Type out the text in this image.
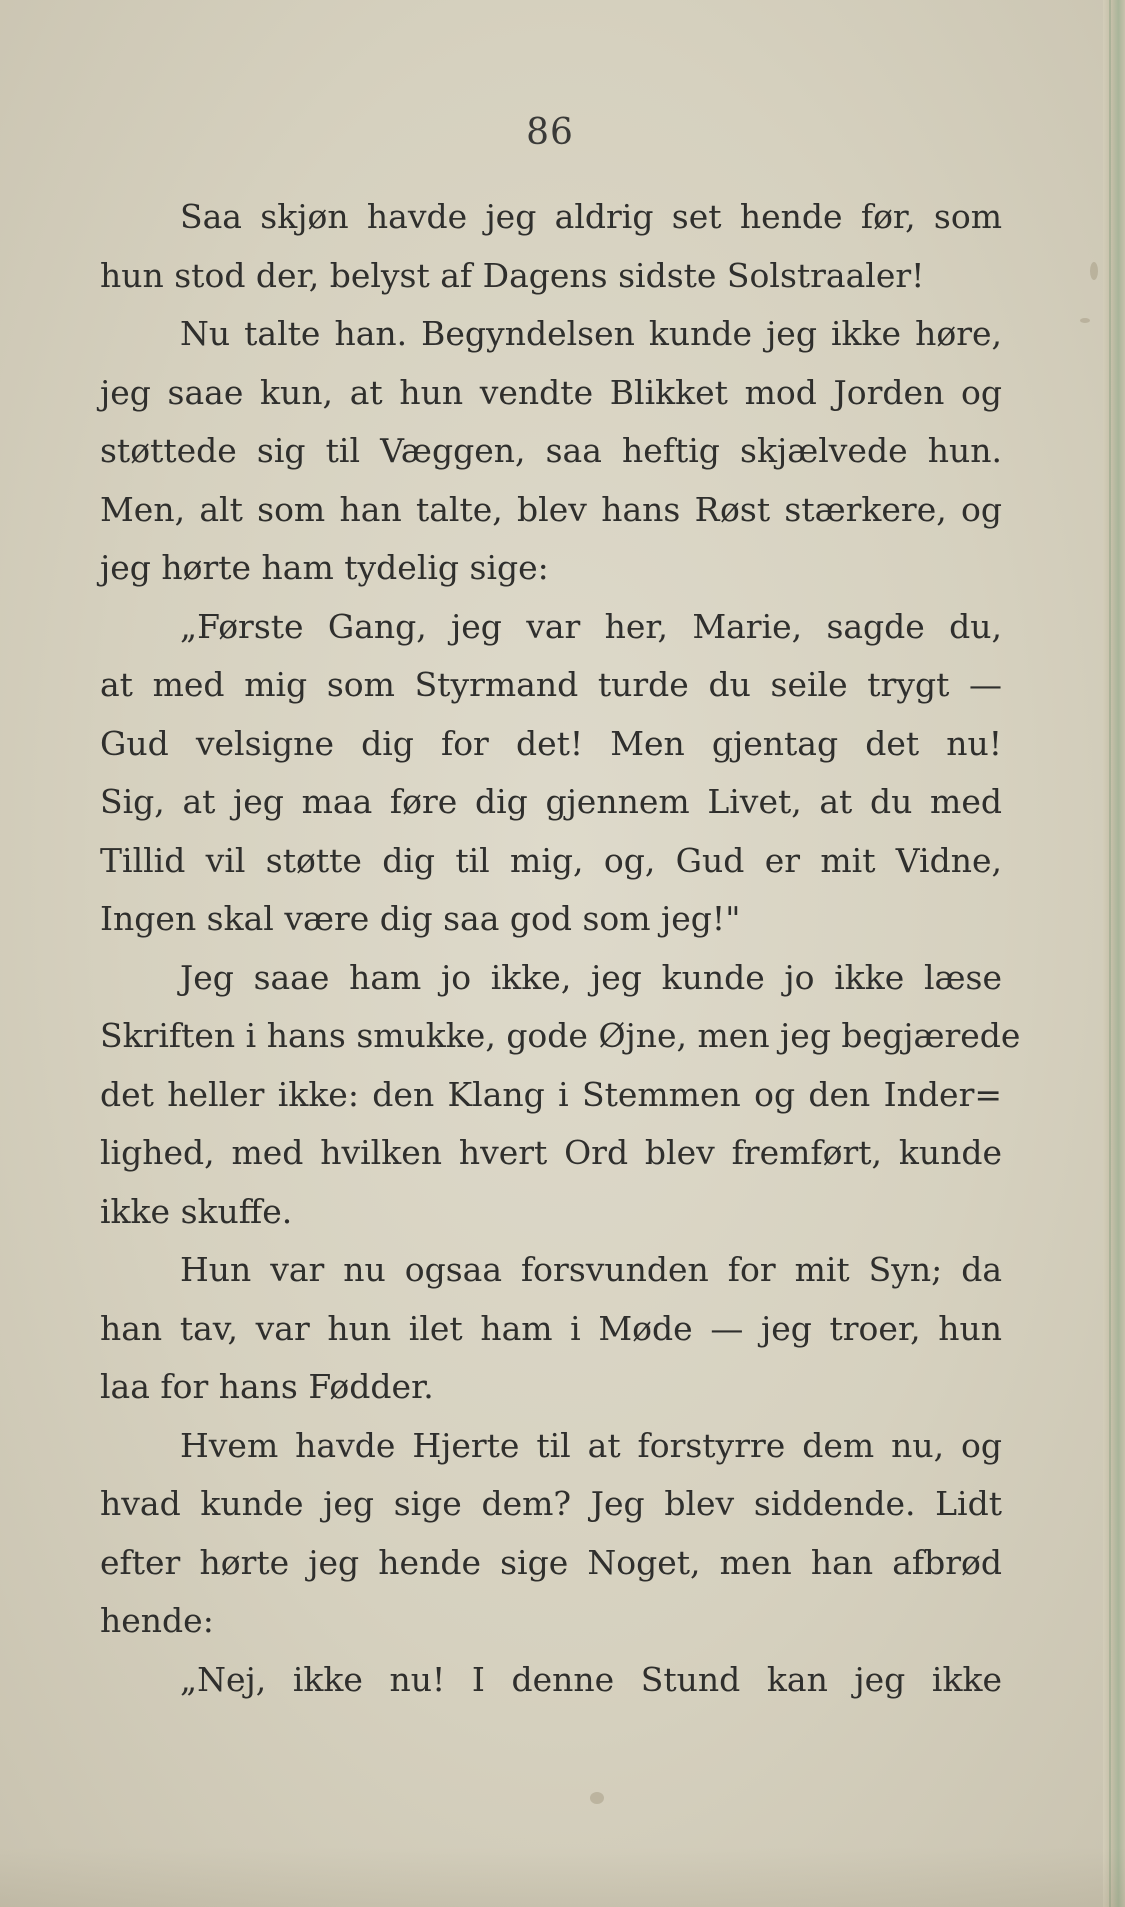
86
Saa skjøn havde jeg aldrig set hende før, som
hun stod der, belyst af Dagens sidste Solstraaler!
Nu talte han. Begyndelsen kunde jeg ikke høre,
jeg saae kun, at hun vendte Blikket mod Jorden og
støttede sig til Væggen, saa heftig skjælvede hun.
Men, alt som han talte, blev hans Røst stærkere, og
jeg hørte ham tydelig sige:
„Første Gang, jeg var her, Marie, sagde du,
at med mig som Styrmand turde du seile trygt —
Gud velsigne dig for det! Men gjentag det nu!
Sig, at jeg maa føre dig gjennem Livet, at du med
Tillid vil støtte dig til mig, og, Gud er mit Vidne,
Ingen skal være dig saa god som jeg!"
Jeg saae ham jo ikke, jeg kunde jo ikke læse
Skriften i hans smukke, gode Øjne, men jeg begjærede
det heller ikke: den Klang i Stemmen og den Inder=
lighed, med hvilken hvert Ord blev fremført, kunde
ikke skuffe.
Hun var nu ogsaa forsvunden for mit Syn; da
han tav, var hun ilet ham i Møde — jeg troer, hun
laa for hans Fødder.
Hvem havde Hjerte til at forstyrre dem nu, og
hvad kunde jeg sige dem? Jeg blev siddende. Lidt
efter hørte jeg hende sige Noget, men han afbrød
hende:
„Nej, ikke nu! I denne Stund kan jeg ikke
